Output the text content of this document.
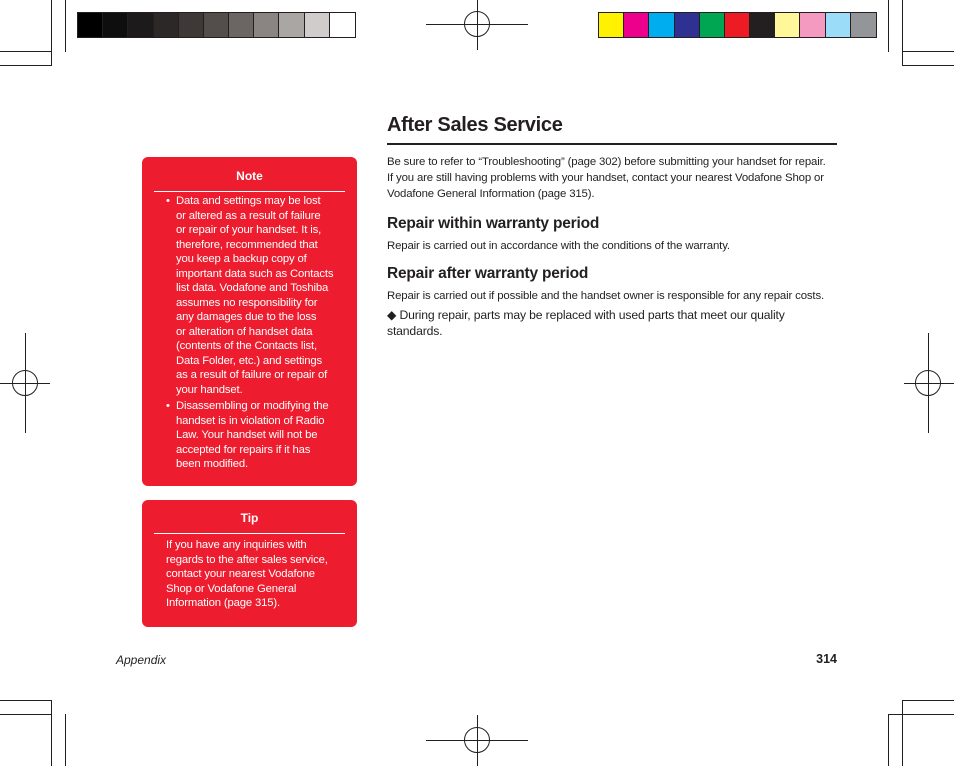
Note
• Data and settings may be lost
or altered as a result of failure
or repair of your handset. It is,
therefore, recommended that
you keep a backup copy of
important data such as Contacts
list data. Vodafone and Toshiba
assumes no responsibility for
any damages due to the loss
or alteration of handset data
(contents of the Contacts list,
Data Folder, etc.) and settings
as a result of failure or repair of
your handset.
• Disassembling or modifying the
handset is in violation of Radio
Law. Your handset will not be
accepted for repairs if it has
been modified.
Tip
If you have any inquiries with
regards to the after sales service,
contact your nearest Vodafone
Shop or Vodafone General
Information (page 315).
After Sales Service
Be sure to refer to “Troubleshooting” (page 302) before submitting your handset for repair.
If you are still having problems with your handset, contact your nearest Vodafone Shop or
Vodafone General Information (page 315).
Repair within warranty period
Repair is carried out in accordance with the conditions of the warranty.
Repair after warranty period
Repair is carried out if possible and the handset owner is responsible for any repair costs.
◆ During repair, parts may be replaced with used parts that meet our quality standards.
Appendix	314
